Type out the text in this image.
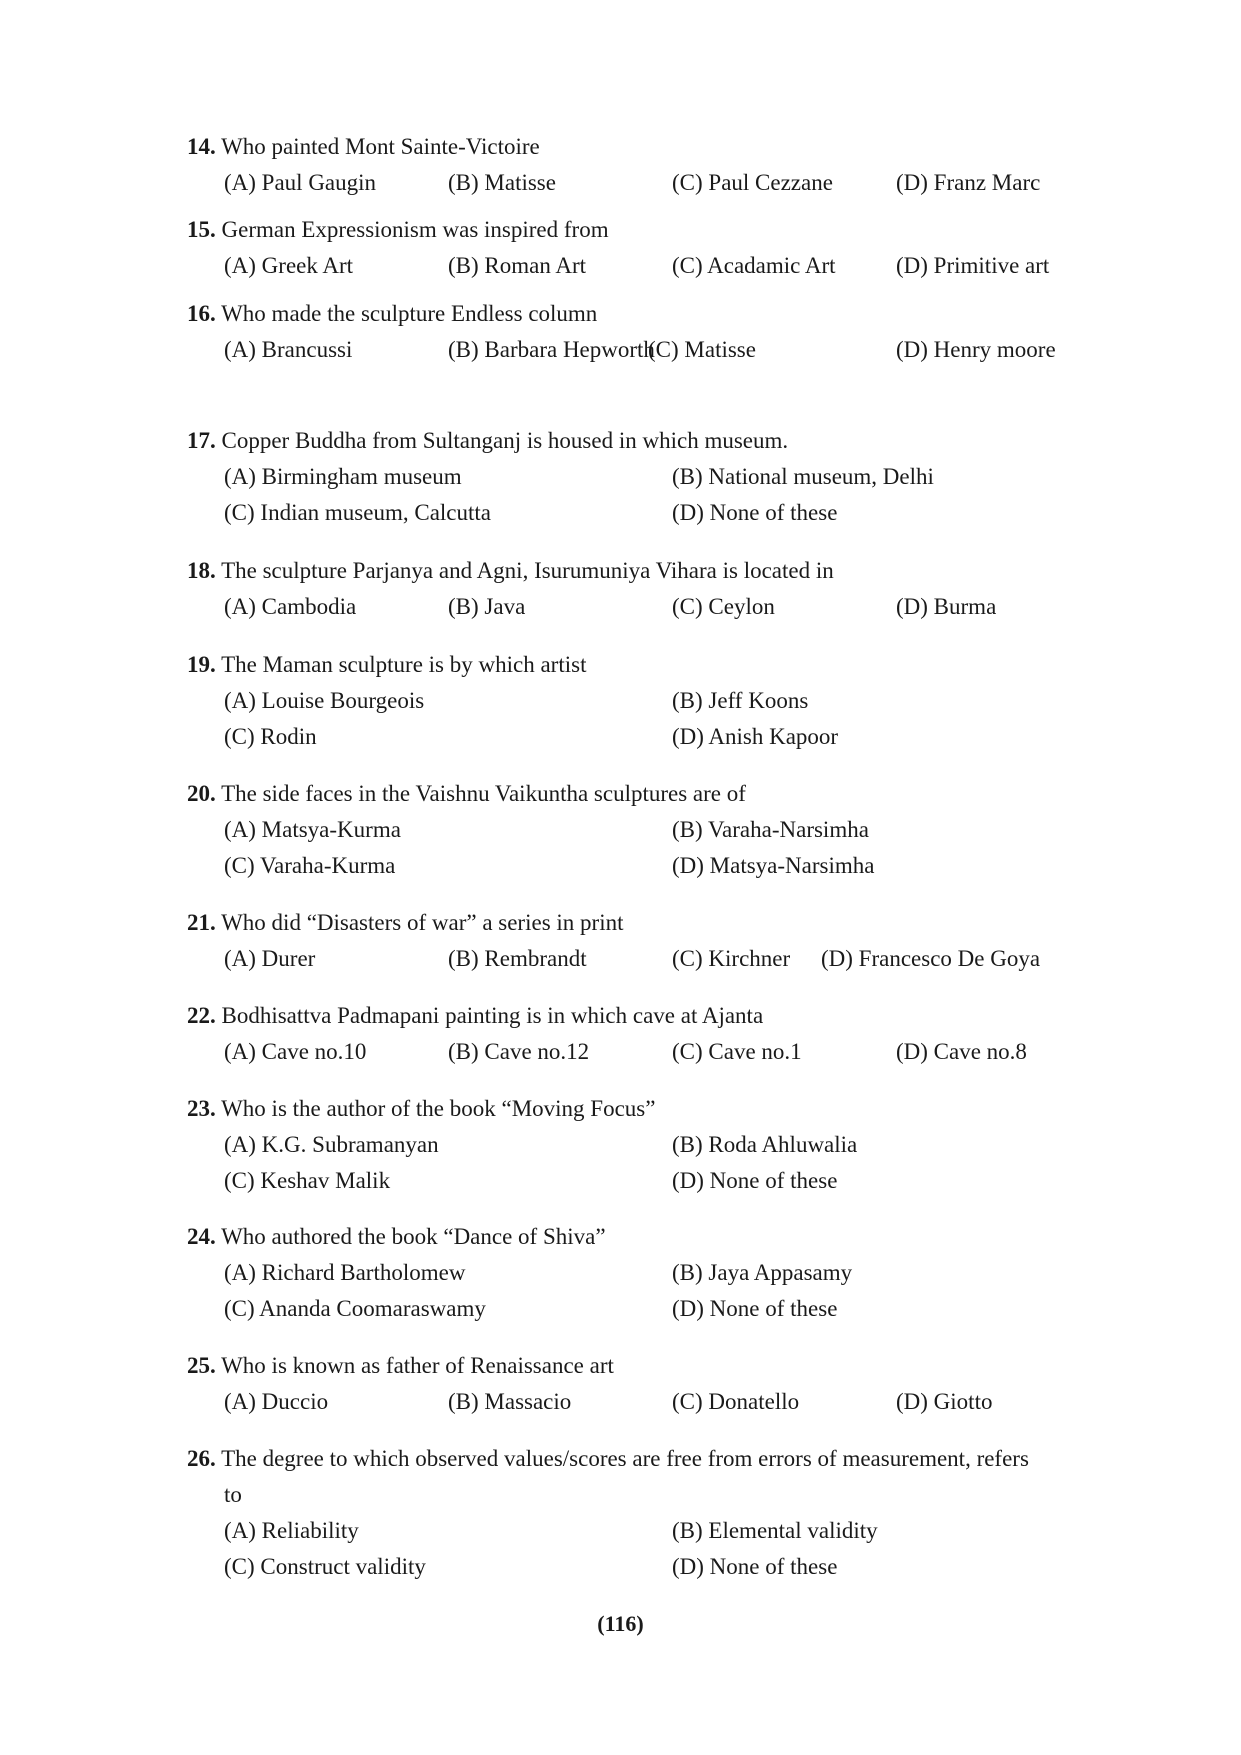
14. Who painted Mont Sainte-Victoire
(A) Paul Gaugin	(B) Matisse	(C) Paul Cezzane	(D) Franz Marc
15. German Expressionism was inspired from
(A) Greek Art	(B) Roman Art	(C) Acadamic Art	(D) Primitive art
16. Who made the sculpture Endless column
(A) Brancussi	(B) Barbara Hepworth
(C) Matisse	(D) Henry moore
17. Copper Buddha from Sultanganj is housed in which museum.
(A) Birmingham museum	(B) National museum, Delhi
(C) Indian museum, Calcutta	(D) None of these
18. The sculpture Parjanya and Agni, Isurumuniya Vihara is located in
(A) Cambodia	(B) Java	(C) Ceylon	(D) Burma
19. The Maman sculpture is by which artist
(A) Louise Bourgeois	(B) Jeff Koons
(C) Rodin	(D) Anish Kapoor
20. The side faces in the Vaishnu Vaikuntha sculptures are of
(A) Matsya-Kurma	(B) Varaha-Narsimha
(C) Varaha-Kurma	(D) Matsya-Narsimha
21. Who did “Disasters of war” a series in print
(A) Durer	(B) Rembrandt	(C) Kirchner (D) Francesco De Goya
22. Bodhisattva Padmapani painting is in which cave at Ajanta
(A) Cave no.10	(B) Cave no.12	(C) Cave no.1	(D) Cave no.8
23. Who is the author of the book “Moving Focus”
(A) K.G. Subramanyan	(B) Roda Ahluwalia
(C) Keshav Malik	(D) None of these
24. Who authored the book “Dance of Shiva”
(A) Richard Bartholomew	(B) Jaya Appasamy
(C) Ananda Coomaraswamy	(D) None of these
25. Who is known as father of Renaissance art
(A) Duccio	(B) Massacio	(C) Donatello	(D) Giotto
26. The degree to which observed values/scores are free from errors of measurement, refers
to
(A) Reliability	(B) Elemental validity
(C) Construct validity	(D) None of these
(116)
